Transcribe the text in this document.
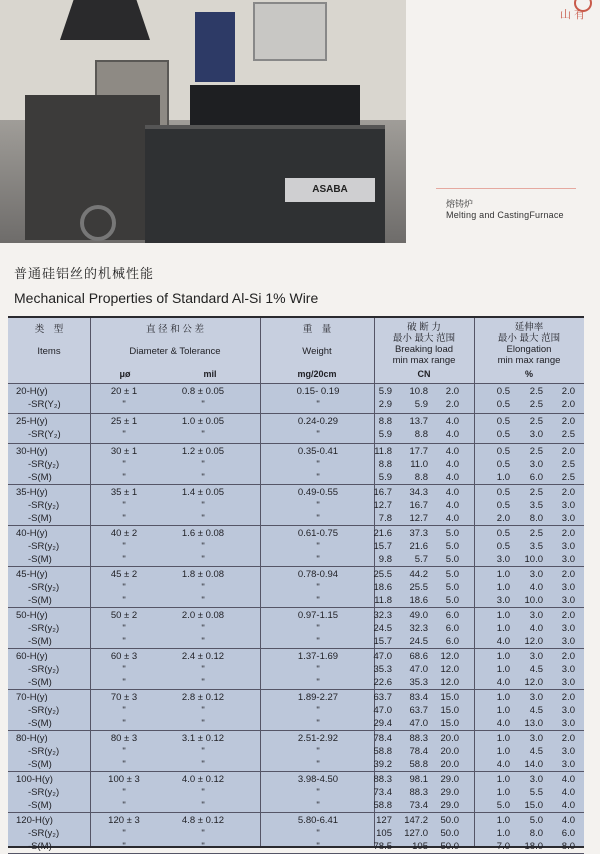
ASABA
山 有
熔铸炉
Melting and CastingFurnace
普通硅铝丝的机械性能
Mechanical Properties of Standard Al-Si 1% Wire
类　型
Items
直 径 和 公 差
Diameter & Tolerance
重　量
Weight
破 断 力
最小 最大 范围
Breaking load
min max range
延伸率
最小 最大 范围
Elongation
min max range
μø	mil	mg/20cm	CN	%
20-H(y)	20 ± 1	0.8 ± 0.05	0.15- 0.19	5.9	10.8	2.0	0.5	2.5	2.0
-SR(Y₂)	"	"	"	2.9	5.9	2.0	0.5	2.5	2.0
25-H(y)	25 ± 1	1.0 ± 0.05	0.24-0.29	8.8	13.7	4.0	0.5	2.5	2.0
-SR(Y₂)	"	"	"	5.9	8.8	4.0	0.5	3.0	2.5
30-H(y)	30 ± 1	1.2 ± 0.05	0.35-0.41	11.8	17.7	4.0	0.5	2.5	2.0
-SR(y₂)	"	"	"	8.8	11.0	4.0	0.5	3.0	2.5
-S(M)	"	"	"	5.9	8.8	4.0	1.0	6.0	2.5
35-H(y)	35 ± 1	1.4 ± 0.05	0.49-0.55	16.7	34.3	4.0	0.5	2.5	2.0
-SR(y₂)	"	"	"	12.7	16.7	4.0	0.5	3.5	3.0
-S(M)	"	"	"	7.8	12.7	4.0	2.0	8.0	3.0
40-H(y)	40 ± 2	1.6 ± 0.08	0.61-0.75	21.6	37.3	5.0	0.5	2.5	2.0
-SR(y₂)	"	"	"	15.7	21.6	5.0	0.5	3.5	3.0
-S(M)	"	"	"	9.8	5.7	5.0	3.0	10.0	3.0
45-H(y)	45 ± 2	1.8 ± 0.08	0.78-0.94	25.5	44.2	5.0	1.0	3.0	2.0
-SR(y₂)	"	"	"	18.6	25.5	5.0	1.0	4.0	3.0
-S(M)	"	"	"	11.8	18.6	5.0	3.0	10.0	3.0
50-H(y)	50 ± 2	2.0 ± 0.08	0.97-1.15	32.3	49.0	6.0	1.0	3.0	2.0
-SR(y₂)	"	"	"	24.5	32.3	6.0	1.0	4.0	3.0
-S(M)	"	"	"	15.7	24.5	6.0	4.0	12.0	3.0
60-H(y)	60 ± 3	2.4 ± 0.12	1.37-1.69	47.0	68.6	12.0	1.0	3.0	2.0
-SR(y₂)	"	"	"	35.3	47.0	12.0	1.0	4.5	3.0
-S(M)	"	"	"	22.6	35.3	12.0	4.0	12.0	3.0
70-H(y)	70 ± 3	2.8 ± 0.12	1.89-2.27	63.7	83.4	15.0	1.0	3.0	2.0
-SR(y₂)	"	"	"	47.0	63.7	15.0	1.0	4.5	3.0
-S(M)	"	"	"	29.4	47.0	15.0	4.0	13.0	3.0
80-H(y)	80 ± 3	3.1 ± 0.12	2.51-2.92	78.4	88.3	20.0	1.0	3.0	2.0
-SR(y₂)	"	"	"	58.8	78.4	20.0	1.0	4.5	3.0
-S(M)	"	"	"	39.2	58.8	20.0	4.0	14.0	3.0
100-H(y)	100 ± 3	4.0 ± 0.12	3.98-4.50	88.3	98.1	29.0	1.0	3.0	4.0
-SR(y₂)	"	"	"	73.4	88.3	29.0	1.0	5.5	4.0
-S(M)	"	"	"	58.8	73.4	29.0	5.0	15.0	4.0
120-H(y)	120 ± 3	4.8 ± 0.12	5.80-6.41	127	147.2	50.0	1.0	5.0	4.0
-SR(y₂)	"	"	"	105	127.0	50.0	1.0	8.0	6.0
-S(M)	"	"	"	78.5	105	50.0	7.0	18.0	8.0
